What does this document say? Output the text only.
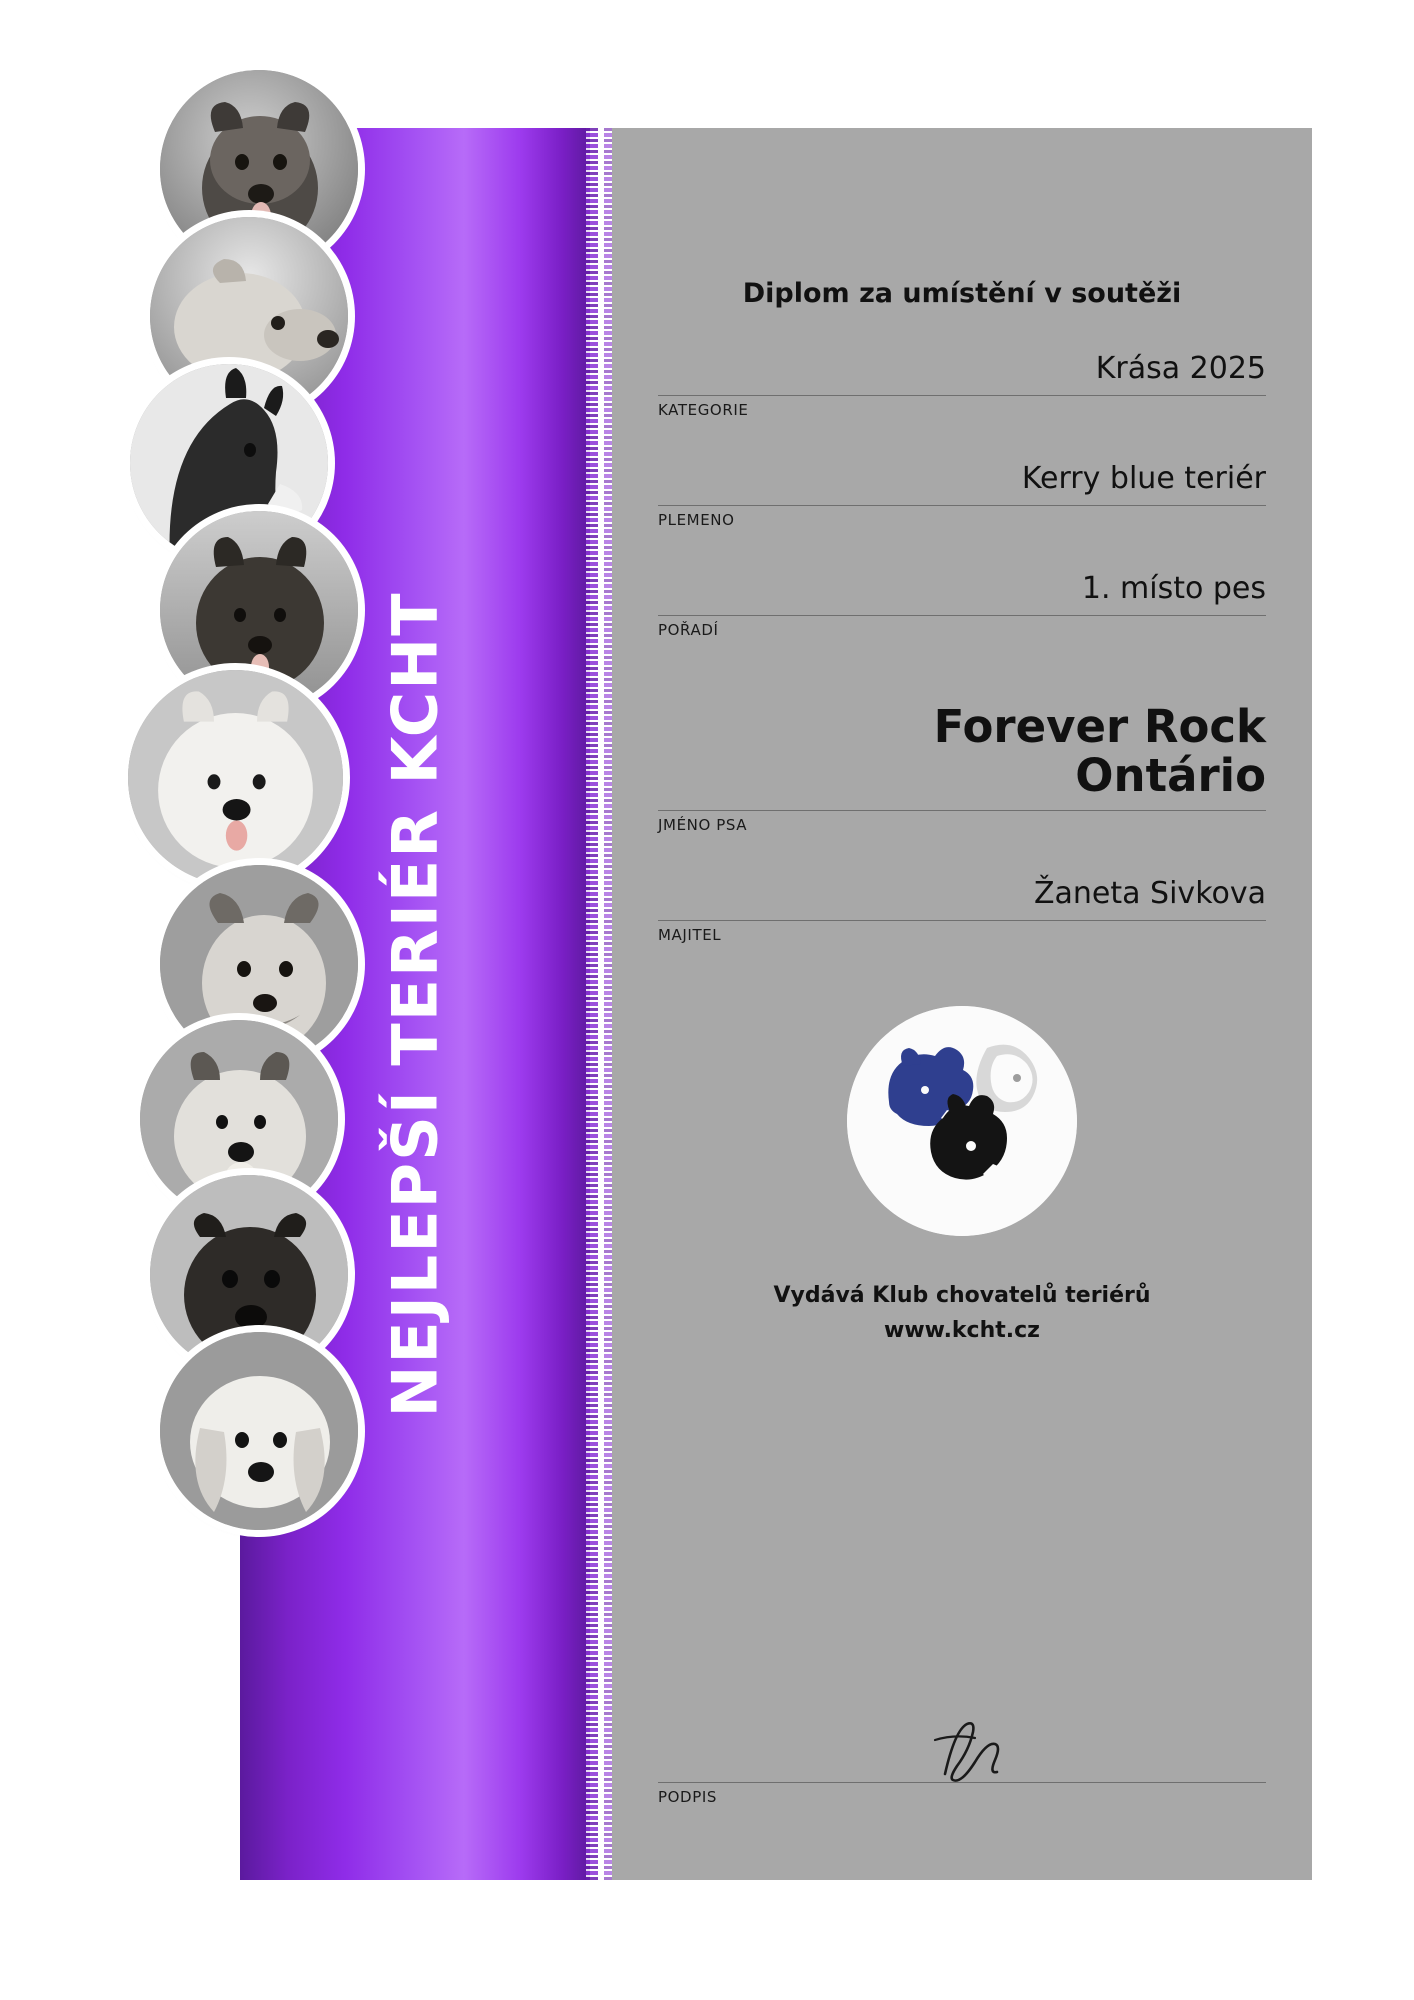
NEJLEPŠÍ TERIÉR KCHT
Diplom za umístění v soutěži
Krása 2025
KATEGORIE
Kerry blue teriér
PLEMENO
1. místo pes
POŘADÍ
Forever Rock
Ontário
JMÉNO PSA
Žaneta Sivkova
MAJITEL
Vydává Klub chovatelů teriérů
www.kcht.cz
PODPIS
